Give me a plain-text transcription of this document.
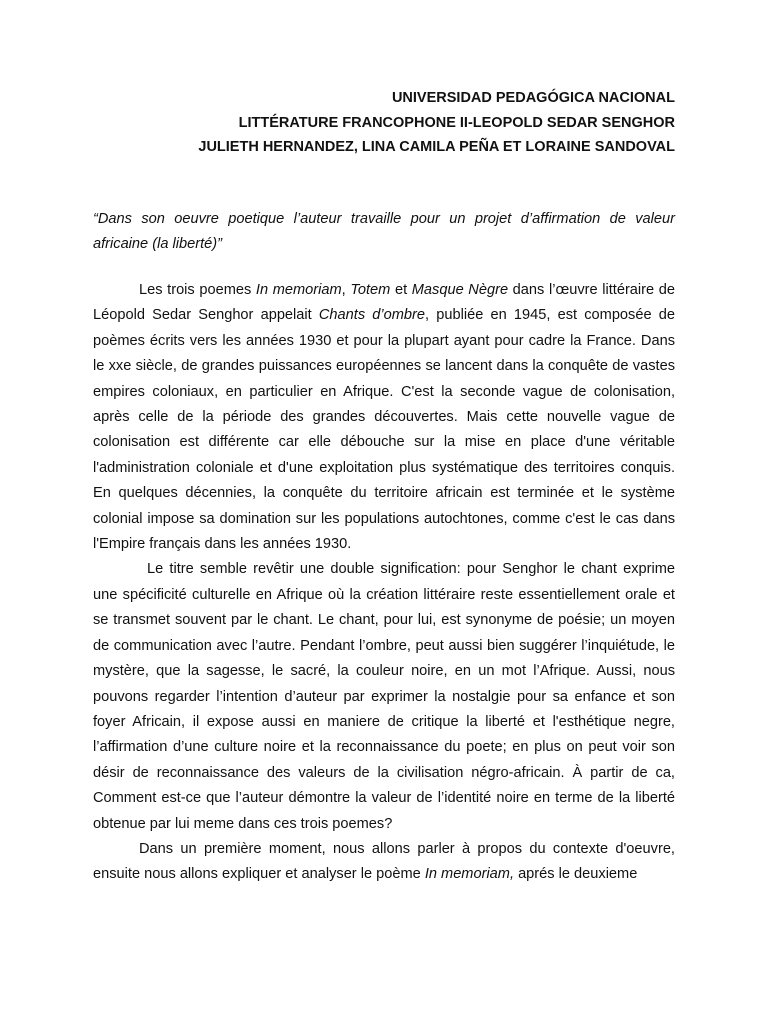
UNIVERSIDAD PEDAGÓGICA NACIONAL
LITTÉRATURE FRANCOPHONE II-LEOPOLD SEDAR SENGHOR
JULIETH HERNANDEZ, LINA CAMILA PEÑA ET LORAINE SANDOVAL
“Dans son oeuvre poetique l’auteur travaille pour un projet d’affirmation de valeur africaine (la liberté)”

Les trois poemes In memoriam, Totem et Masque Nègre dans l’œuvre littéraire de Léopold Sedar Senghor appelait Chants d’ombre, publiée en 1945, est composée de poèmes écrits vers les années 1930 et pour la plupart ayant pour cadre la France. Dans le xxe siècle, de grandes puissances européennes se lancent dans la conquête de vastes empires coloniaux, en particulier en Afrique. C'est la seconde vague de colonisation, après celle de la période des grandes découvertes. Mais cette nouvelle vague de colonisation est différente car elle débouche sur la mise en place d'une véritable l'administration coloniale et d'une exploitation plus systématique des territoires conquis. En quelques décennies, la conquête du territoire africain est terminée et le système colonial impose sa domination sur les populations autochtones, comme c'est le cas dans l'Empire français dans les années 1930.

Le titre semble revêtir une double signification: pour Senghor le chant exprime une spécificité culturelle en Afrique où la création littéraire reste essentiellement orale et se transmet souvent par le chant. Le chant, pour lui, est synonyme de poésie; un moyen de communication avec l’autre. Pendant l’ombre, peut aussi bien suggérer l’inquiétude, le mystère, que la sagesse, le sacré, la couleur noire, en un mot l’Afrique. Aussi, nous pouvons regarder l’intention d’auteur par exprimer la nostalgie pour sa enfance et son foyer Africain, il expose aussi en maniere de critique la liberté et l'esthétique negre, l’affirmation d’une culture noire et la reconnaissance du poete; en plus on peut voir son désir de reconnaissance des valeurs de la civilisation négro-africain. À partir de ca, Comment est-ce que l’auteur démontre la valeur de l’identité noire en terme de la liberté obtenue par lui meme dans ces trois poemes?

Dans un première moment, nous allons parler à propos du contexte d'oeuvre, ensuite nous allons expliquer et analyser le poème In memoriam, aprés le deuxieme
